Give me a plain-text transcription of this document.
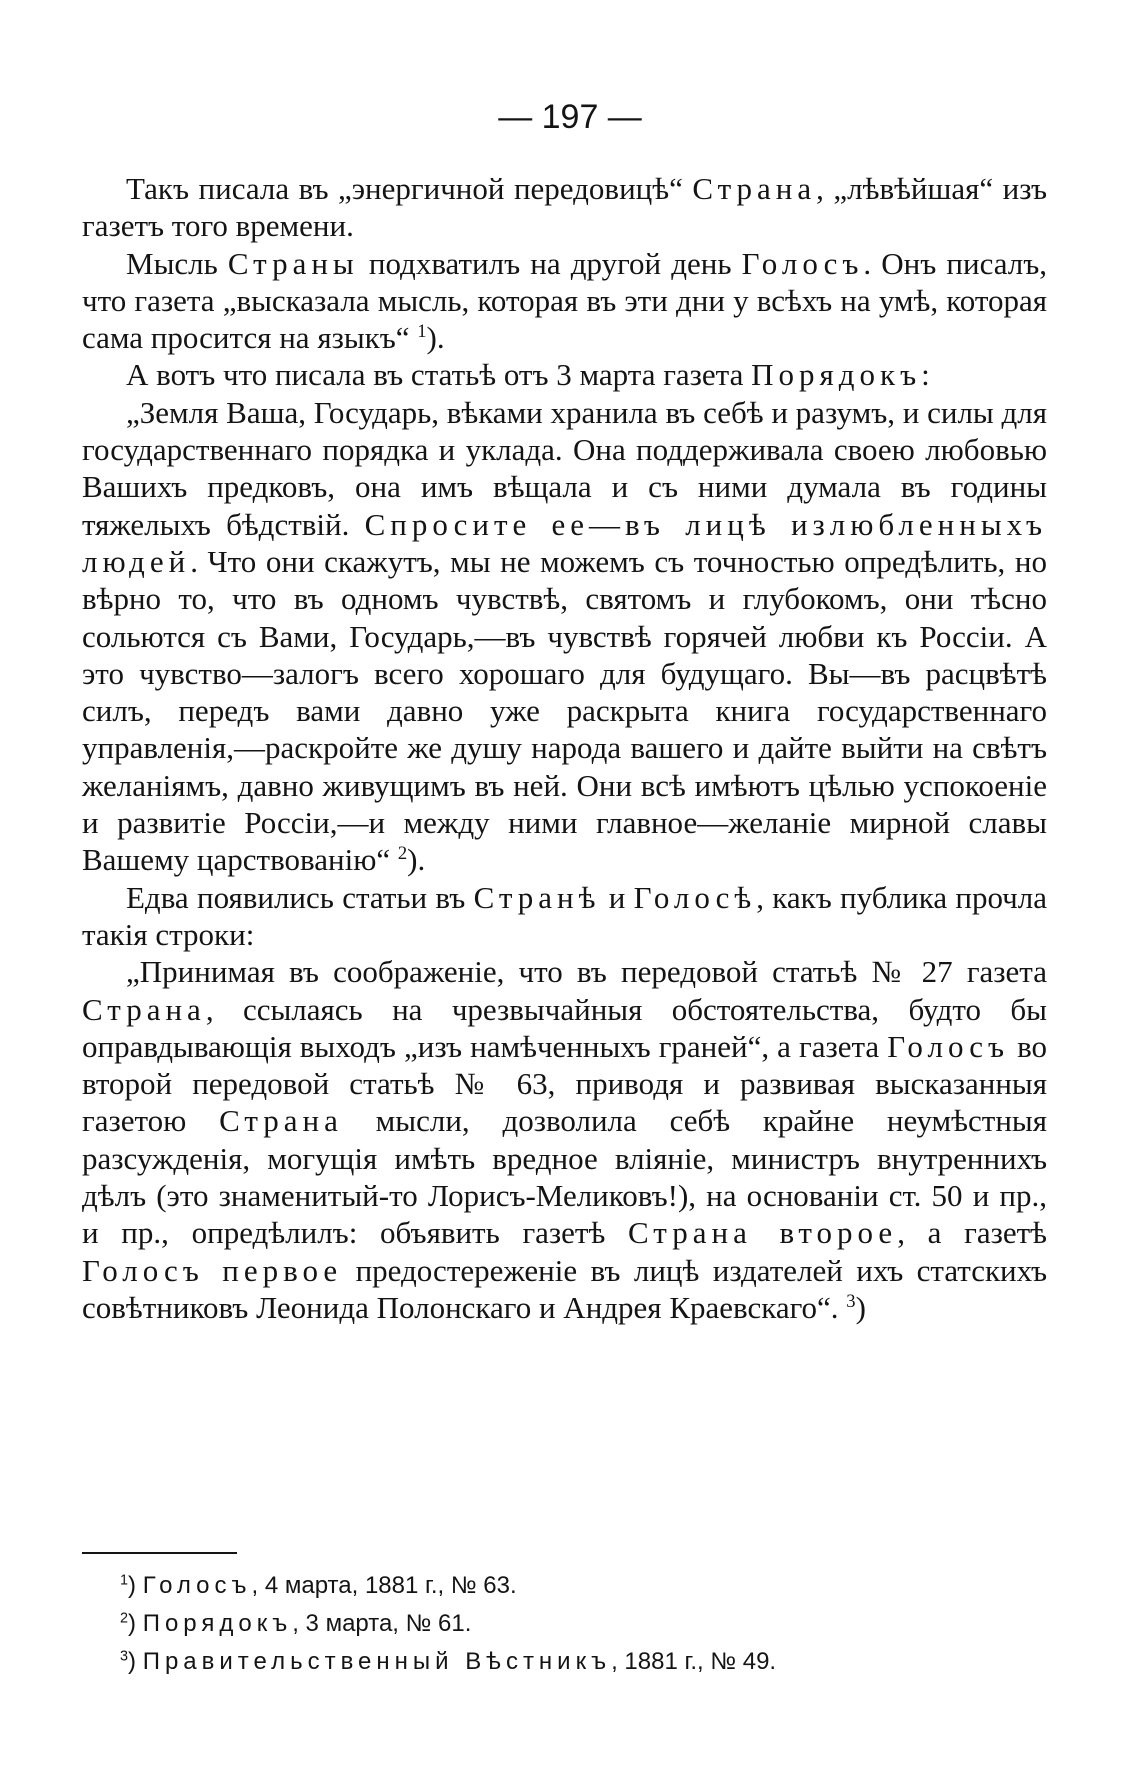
— 197 —

Такъ писала въ „энергичной передовицѣ“ Страна, „лѣвѣйшая“ изъ газетъ того времени.

Мысль Страны подхватилъ на другой день Голосъ. Онъ писалъ, что газета „высказала мысль, которая въ эти дни у всѣхъ на умѣ, которая сама просится на языкъ“ $^1$).

А вотъ что писала въ статьѣ отъ 3 марта газета Порядокъ:

„Земля Ваша, Государь, вѣками хранила въ себѣ и разумъ, и силы для государственнаго порядка и уклада. Она поддерживала своею любовью Вашихъ предковъ, она имъ вѣщала и съ ними думала въ годины тяжелыхъ бѣдствій. Спросите ее—въ лицѣ излюбленныхъ людей. Что они скажутъ, мы не можемъ съ точностью опредѣлить, но вѣрно то, что въ одномъ чувствѣ, святомъ и глубокомъ, они тѣсно сольются съ Вами, Государь,—въ чувствѣ горячей любви къ Россіи. А это чувство—залогъ всего хорошаго для будущаго. Вы—въ расцвѣтѣ силъ, передъ вами давно уже раскрыта книга государственнаго управленія,—раскройте же душу народа вашего и дайте выйти на свѣтъ желаніямъ, давно живущимъ въ ней. Они всѣ имѣютъ цѣлью успокоеніе и развитіе Россіи,—и между ними главное—желаніе мирной славы Вашему царствованію“ $^2$).

Едва появились статьи въ Странѣ и Голосѣ, какъ публика прочла такія строки:

„Принимая въ соображеніе, что въ передовой статьѣ № 27 газета Страна, ссылаясь на чрезвычайныя обстоятельства, будто бы оправдывающія выходъ „изъ намѣченныхъ граней“, а газета Голосъ во второй передовой статьѣ № 63, приводя и развивая высказанныя газетою Страна мысли, дозволила себѣ крайне неумѣстныя разсужденія, могущія имѣть вредное вліяніе, министръ внутреннихъ дѣлъ (это знаменитый-то Лорисъ-Меликовъ!), на основаніи ст. 50 и пр., и пр., опредѣлилъ: объявить газетѣ Страна второе, а газетѣ Голосъ первое предостереженіе въ лицѣ издателей ихъ статскихъ совѣтниковъ Леонида Полонскаго и Андрея Краевскаго“. $^3$)

$^1$) Голосъ, 4 марта, 1881 г., № 63.
$^2$) Порядокъ, 3 марта, № 61.
$^3$) Правительственный Вѣстникъ, 1881 г., № 49.
